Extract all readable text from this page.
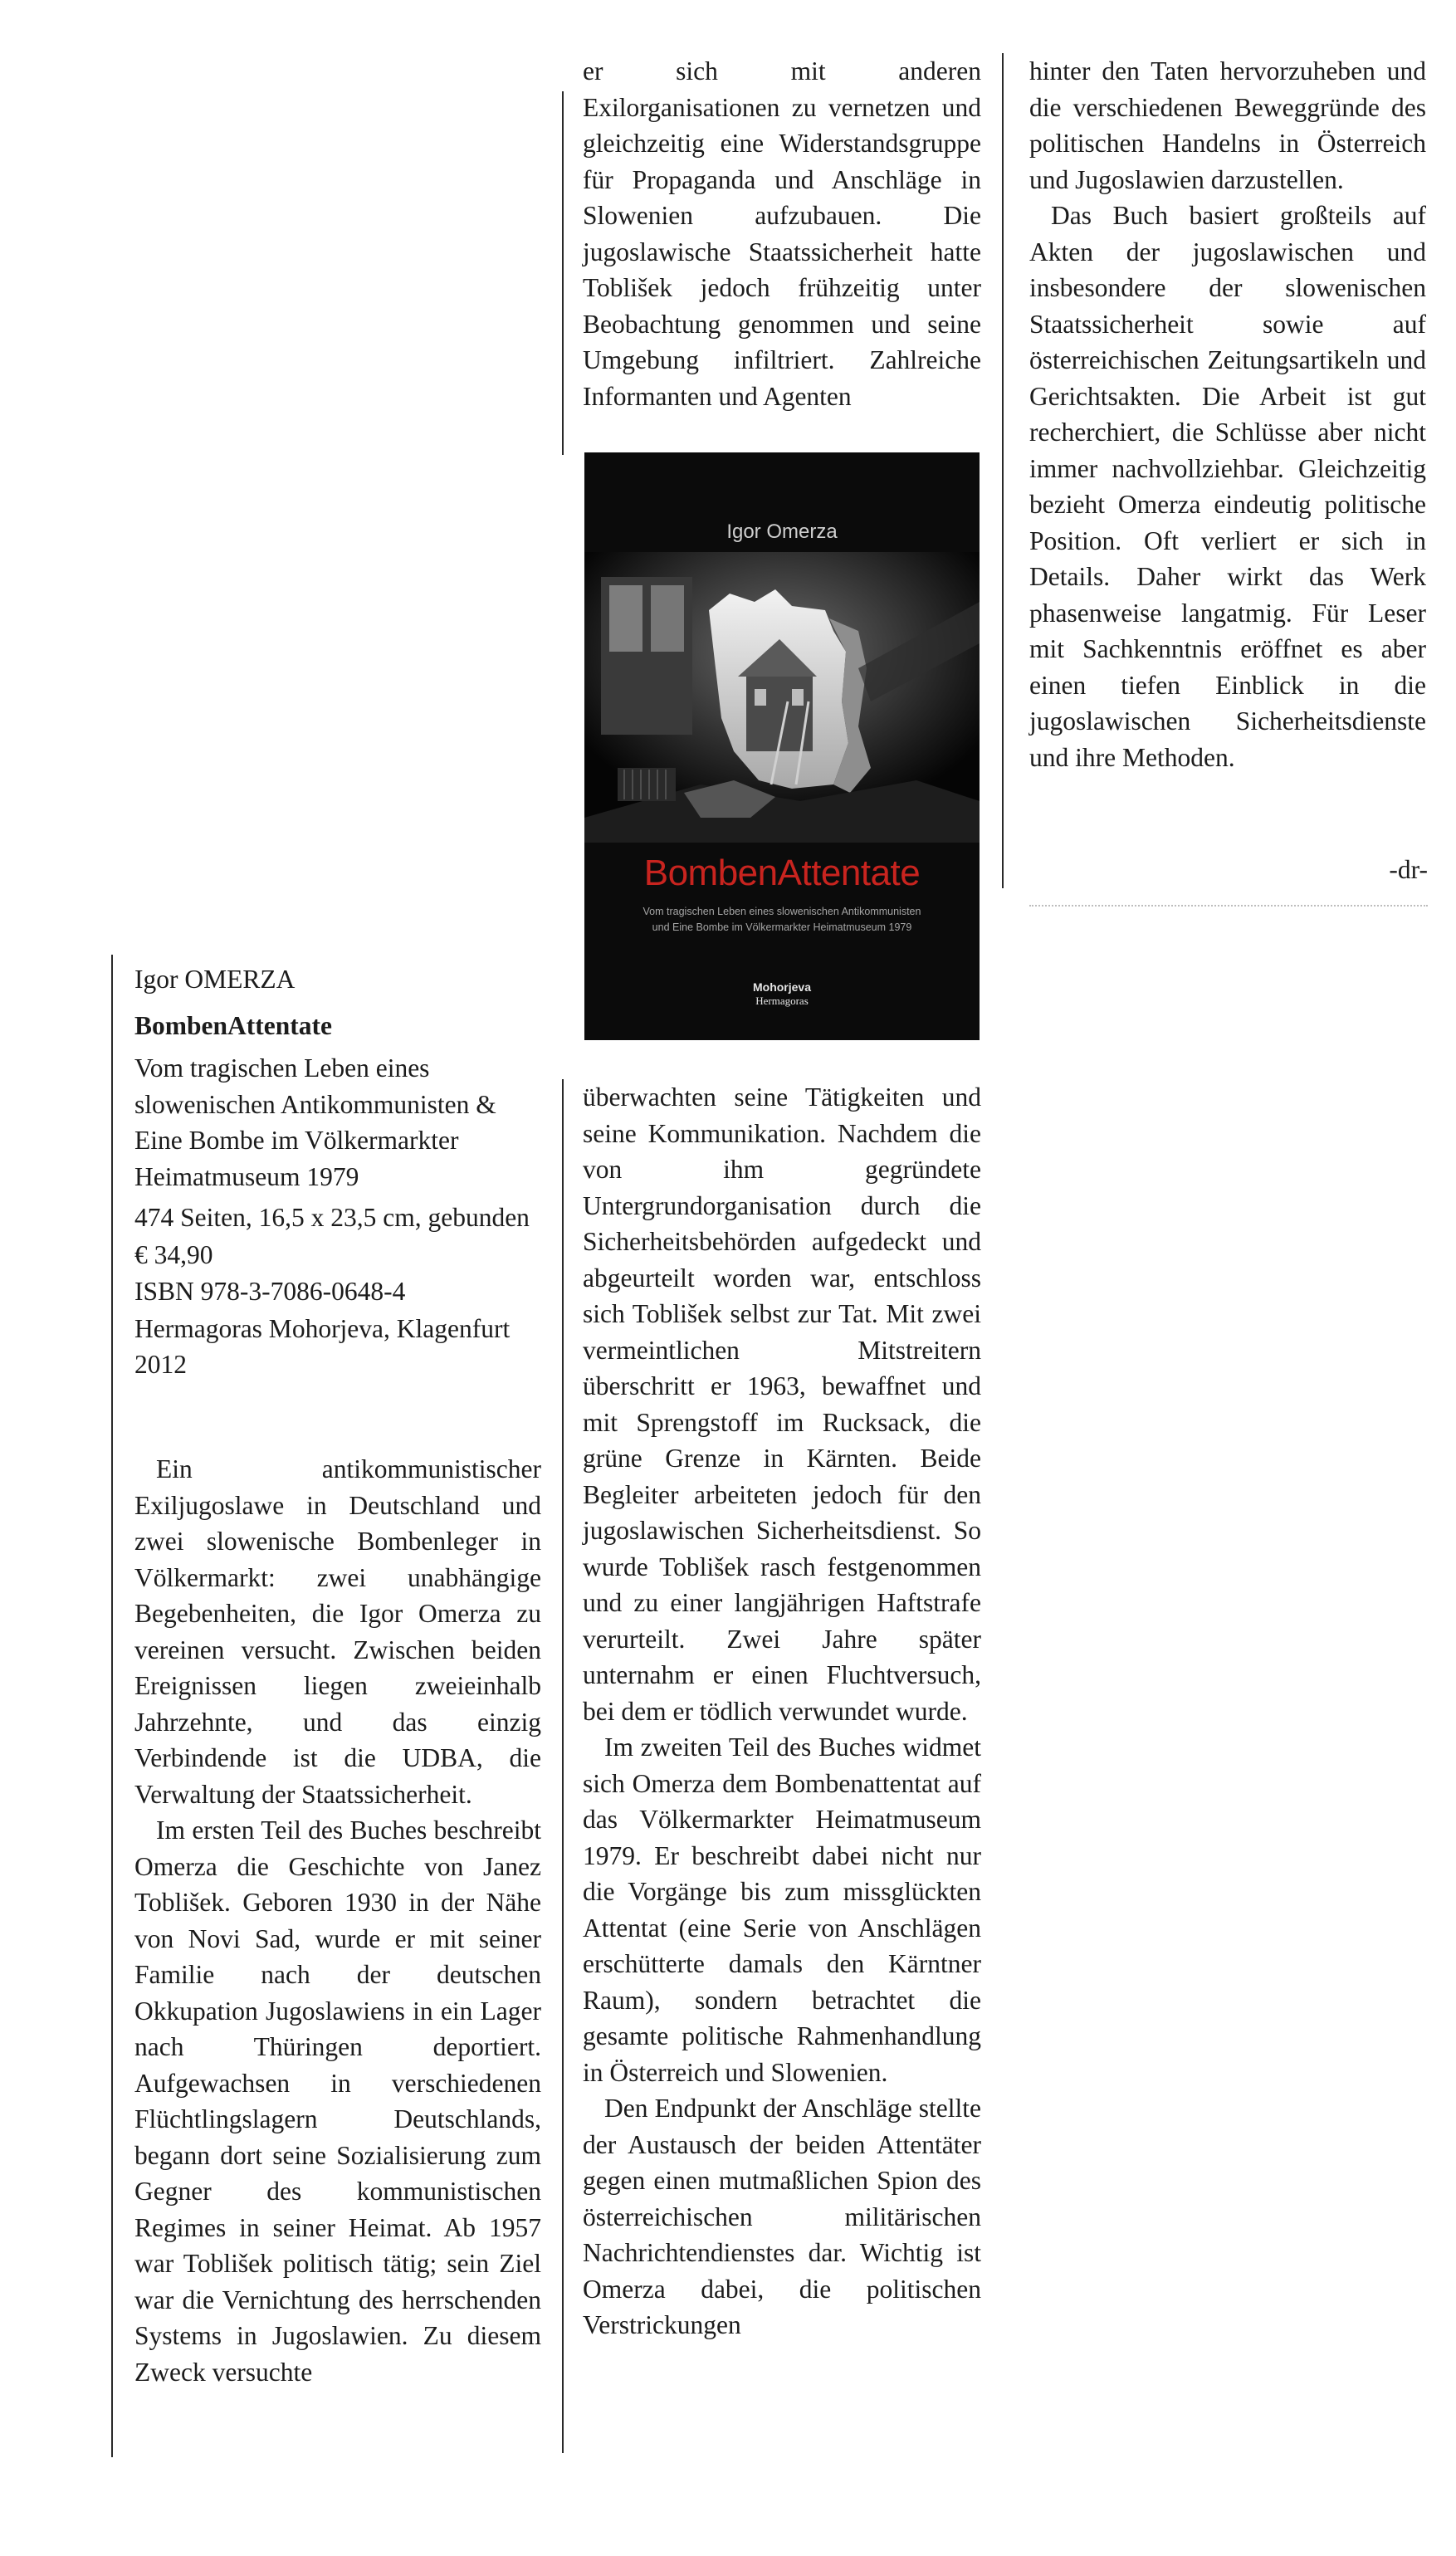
er sich mit anderen Exilorganisationen zu vernetzen und gleichzeitig eine Widerstandsgruppe für Propaganda und Anschläge in Slowenien aufzubauen. Die jugoslawische Staatssicherheit hatte Toblišek jedoch frühzeitig unter Beobachtung genommen und seine Umgebung infiltriert. Zahlreiche Informanten und Agenten

hinter den Taten hervorzuheben und die verschiedenen Beweggründe des politischen Handelns in Österreich und Jugoslawien darzustellen.

Das Buch basiert großteils auf Akten der jugoslawischen und insbesondere der slowenischen Staatssicherheit sowie auf österreichischen Zeitungsartikeln und Gerichtsakten. Die Arbeit ist gut recherchiert, die Schlüsse aber nicht immer nachvollziehbar. Gleichzeitig bezieht Omerza eindeutig politische Position. Oft verliert er sich in Details. Daher wirkt das Werk phasenweise langatmig. Für Leser mit Sachkenntnis eröffnet es aber einen tiefen Einblick in die jugoslawischen Sicherheitsdienste und ihre Methoden.

-dr-
Igor Omerza
BombenAttentate
Vom tragischen Leben eines slowenischen Antikommunisten
und Eine Bombe im Völkermarkter Heimatmuseum 1979
Mohorjeva
Hermagoras
Igor OMERZA
BombenAttentate
Vom tragischen Leben eines slowenischen Antikommunisten & Eine Bombe im Völkermarkter Heimatmuseum 1979
474 Seiten, 16,5 x 23,5 cm, gebunden
€ 34,90
ISBN 978-3-7086-0648-4
Hermagoras Mohorjeva, Klagenfurt 2012

Ein antikommunistischer Exiljugoslawe in Deutschland und zwei slowenische Bombenleger in Völkermarkt: zwei unabhängige Begebenheiten, die Igor Omerza zu vereinen versucht. Zwischen beiden Ereignissen liegen zweieinhalb Jahrzehnte, und das einzig Verbindende ist die UDBA, die Verwaltung der Staatssicherheit.

Im ersten Teil des Buches beschreibt Omerza die Geschichte von Janez Toblišek. Geboren 1930 in der Nähe von Novi Sad, wurde er mit seiner Familie nach der deutschen Okkupation Jugoslawiens in ein Lager nach Thüringen deportiert. Aufgewachsen in verschiedenen Flüchtlingslagern Deutschlands, begann dort seine Sozialisierung zum Gegner des kommunistischen Regimes in seiner Heimat. Ab 1957 war Toblišek politisch tätig; sein Ziel war die Vernichtung des herrschenden Systems in Jugoslawien. Zu diesem Zweck versuchte

überwachten seine Tätigkeiten und seine Kommunikation. Nachdem die von ihm gegründete Untergrundorganisation durch die Sicherheitsbehörden aufgedeckt und abgeurteilt worden war, entschloss sich Toblišek selbst zur Tat. Mit zwei vermeintlichen Mitstreitern überschritt er 1963, bewaffnet und mit Sprengstoff im Rucksack, die grüne Grenze in Kärnten. Beide Begleiter arbeiteten jedoch für den jugoslawischen Sicherheitsdienst. So wurde Toblišek rasch festgenommen und zu einer langjährigen Haftstrafe verurteilt. Zwei Jahre später unternahm er einen Fluchtversuch, bei dem er tödlich verwundet wurde.

Im zweiten Teil des Buches widmet sich Omerza dem Bombenattentat auf das Völkermarkter Heimatmuseum 1979. Er beschreibt dabei nicht nur die Vorgänge bis zum missglückten Attentat (eine Serie von Anschlägen erschütterte damals den Kärntner Raum), sondern betrachtet die gesamte politische Rahmenhandlung in Österreich und Slowenien.

Den Endpunkt der Anschläge stellte der Austausch der beiden Attentäter gegen einen mutmaßlichen Spion des österreichischen militärischen Nachrichtendienstes dar. Wichtig ist Omerza dabei, die politischen Verstrickungen
